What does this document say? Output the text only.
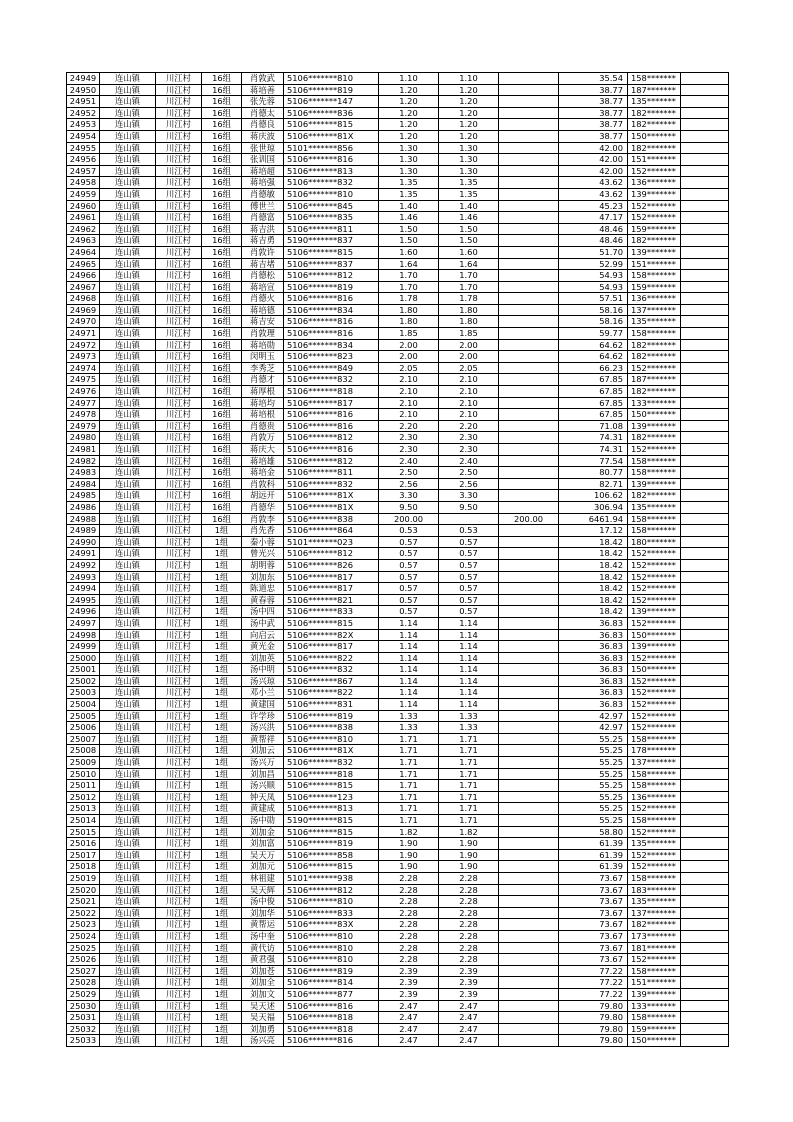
24949	连山镇	川江村	16组	肖敦武	5106*******810	1.10	1.10		35.54	158*******	
24950	连山镇	川江村	16组	蒋培善	5106*******819	1.20	1.20		38.77	187*******	
24951	连山镇	川江村	16组	张先蓉	5106*******147	1.20	1.20		38.77	135*******	
24952	连山镇	川江村	16组	肖德太	5106*******836	1.20	1.20		38.77	182*******	
24953	连山镇	川江村	16组	肖德良	5106*******815	1.20	1.20		38.77	182*******	
24954	连山镇	川江村	16组	蒋庆波	5106*******81X	1.20	1.20		38.77	150*******	
24955	连山镇	川江村	16组	张世琼	5101*******856	1.30	1.30		42.00	182*******	
24956	连山镇	川江村	16组	张训国	5106*******816	1.30	1.30		42.00	151*******	
24957	连山镇	川江村	16组	蒋培超	5106*******813	1.30	1.30		42.00	152*******	
24958	连山镇	川江村	16组	蒋培强	5106*******832	1.35	1.35		43.62	136*******	
24959	连山镇	川江村	16组	肖德敏	5106*******810	1.35	1.35		43.62	139*******	
24960	连山镇	川江村	16组	傅世兰	5106*******845	1.40	1.40		45.23	152*******	
24961	连山镇	川江村	16组	肖德富	5106*******835	1.46	1.46		47.17	152*******	
24962	连山镇	川江村	16组	蒋吉洪	5106*******811	1.50	1.50		48.46	159*******	
24963	连山镇	川江村	16组	蒋吉勇	5190*******837	1.50	1.50		48.46	182*******	
24964	连山镇	川江村	16组	肖敦许	5106*******815	1.60	1.60		51.70	139*******	
24965	连山镇	川江村	16组	蒋吉堵	5106*******837	1.64	1.64		52.99	151*******	
24966	连山镇	川江村	16组	肖德松	5106*******812	1.70	1.70		54.93	158*******	
24967	连山镇	川江村	16组	蒋培宣	5106*******819	1.70	1.70		54.93	159*******	
24968	连山镇	川江村	16组	肖德火	5106*******816	1.78	1.78		57.51	136*******	
24969	连山镇	川江村	16组	蒋培德	5106*******834	1.80	1.80		58.16	137*******	
24970	连山镇	川江村	16组	蒋吉安	5106*******816	1.80	1.80		58.16	135*******	
24971	连山镇	川江村	16组	肖敦理	5106*******816	1.85	1.85		59.77	158*******	
24972	连山镇	川江村	16组	蒋培勋	5106*******834	2.00	2.00		64.62	182*******	
24973	连山镇	川江村	16组	闵明玉	5106*******823	2.00	2.00		64.62	182*******	
24974	连山镇	川江村	16组	李秀芝	5106*******849	2.05	2.05		66.23	152*******	
24975	连山镇	川江村	16组	肖德才	5106*******832	2.10	2.10		67.85	187*******	
24976	连山镇	川江村	16组	蒋厚根	5106*******818	2.10	2.10		67.85	182*******	
24977	连山镇	川江村	16组	蒋培均	5106*******817	2.10	2.10		67.85	133*******	
24978	连山镇	川江村	16组	蒋培根	5106*******816	2.10	2.10		67.85	150*******	
24979	连山镇	川江村	16组	肖德贵	5106*******816	2.20	2.20		71.08	139*******	
24980	连山镇	川江村	16组	肖敦万	5106*******812	2.30	2.30		74.31	182*******	
24981	连山镇	川江村	16组	蒋庆大	5106*******816	2.30	2.30		74.31	152*******	
24982	连山镇	川江村	16组	蒋培雄	5106*******812	2.40	2.40		77.54	158*******	
24983	连山镇	川江村	16组	蒋培金	5106*******811	2.50	2.50		80.77	158*******	
24984	连山镇	川江村	16组	肖敦科	5106*******832	2.56	2.56		82.71	139*******	
24985	连山镇	川江村	16组	胡远开	5106*******81X	3.30	3.30		106.62	182*******	
24986	连山镇	川江村	16组	肖德华	5106*******81X	9.50	9.50		306.94	135*******	
24988	连山镇	川江村	16组	肖敦李	5106*******838	200.00		200.00	6461.94	158*******	
24989	连山镇	川江村	1组	肖先香	5106*******864	0.53	0.53		17.12	158*******	
24990	连山镇	川江村	1组	秦小蓉	5101*******023	0.57	0.57		18.42	180*******	
24991	连山镇	川江村	1组	曾光兴	5106*******812	0.57	0.57		18.42	152*******	
24992	连山镇	川江村	1组	胡明蓉	5106*******826	0.57	0.57		18.42	152*******	
24993	连山镇	川江村	1组	刘加东	5106*******817	0.57	0.57		18.42	152*******	
24994	连山镇	川江村	1组	陈道忠	5106*******817	0.57	0.57		18.42	152*******	
24995	连山镇	川江村	1组	黄春蓉	5106*******821	0.57	0.57		18.42	152*******	
24996	连山镇	川江村	1组	汤中四	5106*******833	0.57	0.57		18.42	139*******	
24997	连山镇	川江村	1组	汤中武	5106*******815	1.14	1.14		36.83	152*******	
24998	连山镇	川江村	1组	向启云	5106*******82X	1.14	1.14		36.83	150*******	
24999	连山镇	川江村	1组	黄光金	5106*******817	1.14	1.14		36.83	139*******	
25000	连山镇	川江村	1组	刘加英	5106*******822	1.14	1.14		36.83	152*******	
25001	连山镇	川江村	1组	汤中明	5106*******832	1.14	1.14		36.83	150*******	
25002	连山镇	川江村	1组	汤兴琼	5106*******867	1.14	1.14		36.83	152*******	
25003	连山镇	川江村	1组	邓小兰	5106*******822	1.14	1.14		36.83	152*******	
25004	连山镇	川江村	1组	黄建国	5106*******831	1.14	1.14		36.83	152*******	
25005	连山镇	川江村	1组	许学珍	5106*******819	1.33	1.33		42.97	152*******	
25006	连山镇	川江村	1组	汤兴洪	5106*******838	1.33	1.33		42.97	152*******	
25007	连山镇	川江村	1组	黄帮祥	5106*******810	1.71	1.71		55.25	158*******	
25008	连山镇	川江村	1组	刘加云	5106*******81X	1.71	1.71		55.25	178*******	
25009	连山镇	川江村	1组	汤兴万	5106*******832	1.71	1.71		55.25	137*******	
25010	连山镇	川江村	1组	刘加昌	5106*******818	1.71	1.71		55.25	158*******	
25011	连山镇	川江村	1组	汤兴顺	5106*******815	1.71	1.71		55.25	158*******	
25012	连山镇	川江村	1组	钟天凤	5106*******123	1.71	1.71		55.25	136*******	
25013	连山镇	川江村	1组	黄建成	5106*******813	1.71	1.71		55.25	152*******	
25014	连山镇	川江村	1组	汤中勋	5190*******815	1.71	1.71		55.25	158*******	
25015	连山镇	川江村	1组	刘加金	5106*******815	1.82	1.82		58.80	152*******	
25016	连山镇	川江村	1组	刘加富	5106*******819	1.90	1.90		61.39	135*******	
25017	连山镇	川江村	1组	吴天万	5106*******858	1.90	1.90		61.39	152*******	
25018	连山镇	川江村	1组	刘加元	5106*******815	1.90	1.90		61.39	152*******	
25019	连山镇	川江村	1组	林祖建	5101*******938	2.28	2.28		73.67	158*******	
25020	连山镇	川江村	1组	吴天辉	5106*******812	2.28	2.28		73.67	183*******	
25021	连山镇	川江村	1组	汤中俊	5106*******810	2.28	2.28		73.67	135*******	
25022	连山镇	川江村	1组	刘加华	5106*******833	2.28	2.28		73.67	137*******	
25023	连山镇	川江村	1组	黄帮运	5106*******83X	2.28	2.28		73.67	182*******	
25024	连山镇	川江村	1组	汤中奎	5106*******810	2.28	2.28		73.67	173*******	
25025	连山镇	川江村	1组	黄代访	5106*******810	2.28	2.28		73.67	181*******	
25026	连山镇	川江村	1组	黄君强	5106*******810	2.28	2.28		73.67	152*******	
25027	连山镇	川江村	1组	刘加苍	5106*******819	2.39	2.39		77.22	158*******	
25028	连山镇	川江村	1组	刘加全	5106*******814	2.39	2.39		77.22	151*******	
25029	连山镇	川江村	1组	刘加文	5106*******877	2.39	2.39		77.22	139*******	
25030	连山镇	川江村	1组	吴天述	5106*******816	2.47	2.47		79.80	133*******	
25031	连山镇	川江村	1组	吴天福	5106*******818	2.47	2.47		79.80	158*******	
25032	连山镇	川江村	1组	刘加勇	5106*******818	2.47	2.47		79.80	159*******	
25033	连山镇	川江村	1组	汤兴亮	5106*******816	2.47	2.47		79.80	150*******	
